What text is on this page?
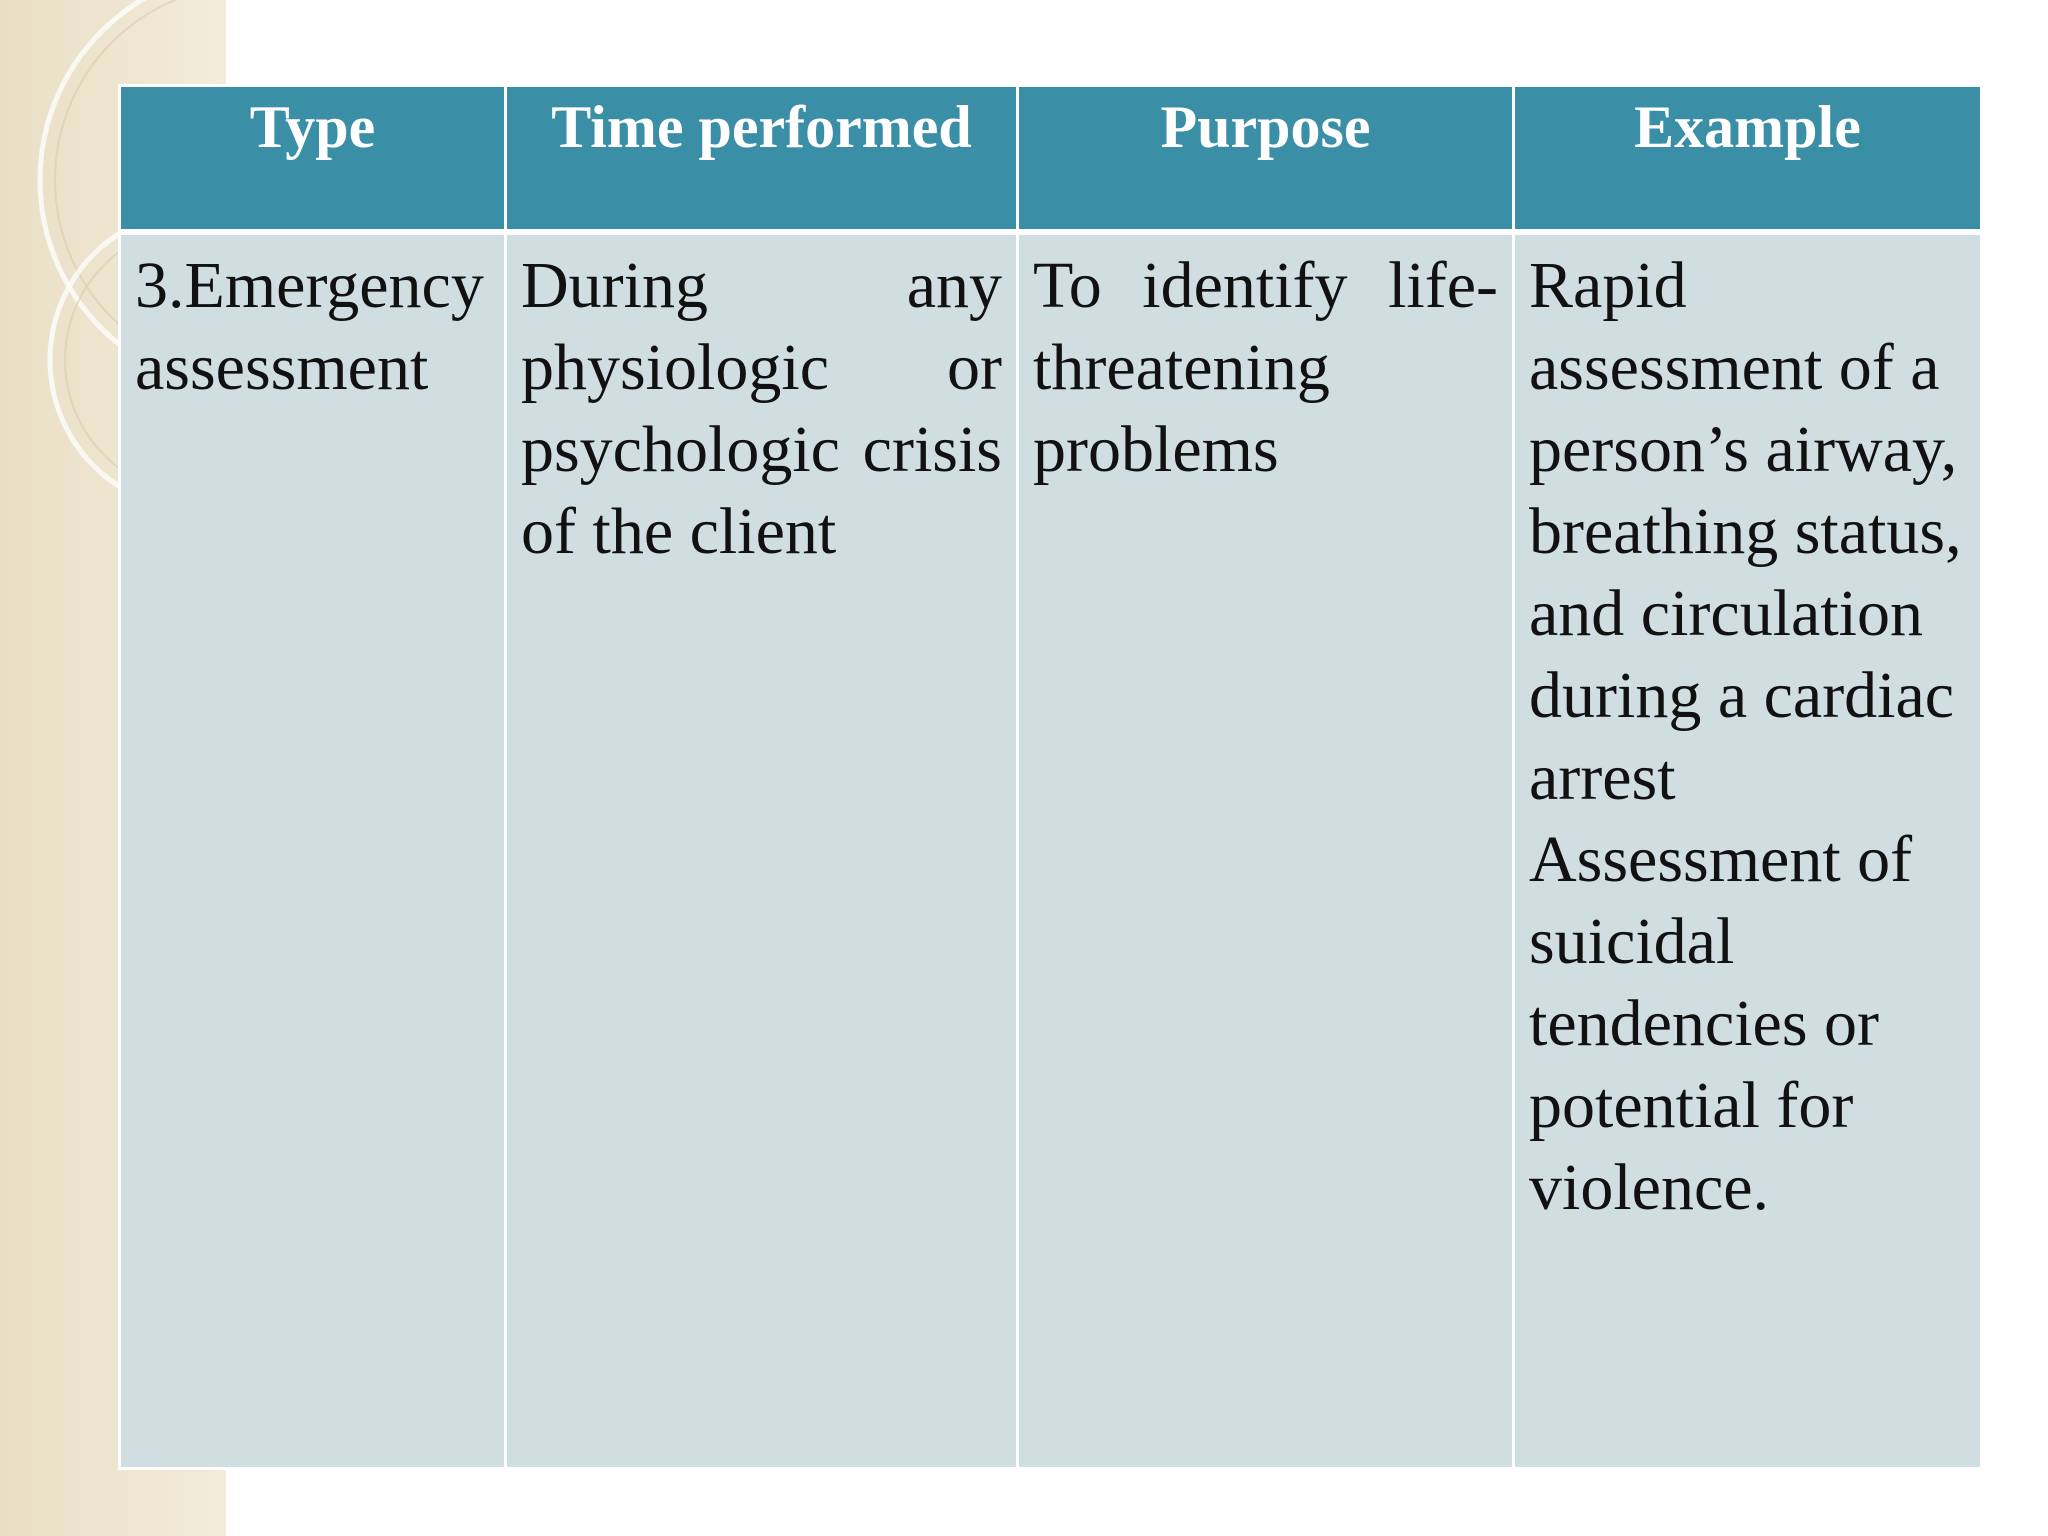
Type	Time performed	Purpose	Example

3.Emergency assessment	During any physiologic or psychologic crisis of the client	To identify life-threatening problems	Rapid assessment of a person’s airway, breathing status, and circulation during a cardiac arrest Assessment of suicidal tendencies or potential for violence.
